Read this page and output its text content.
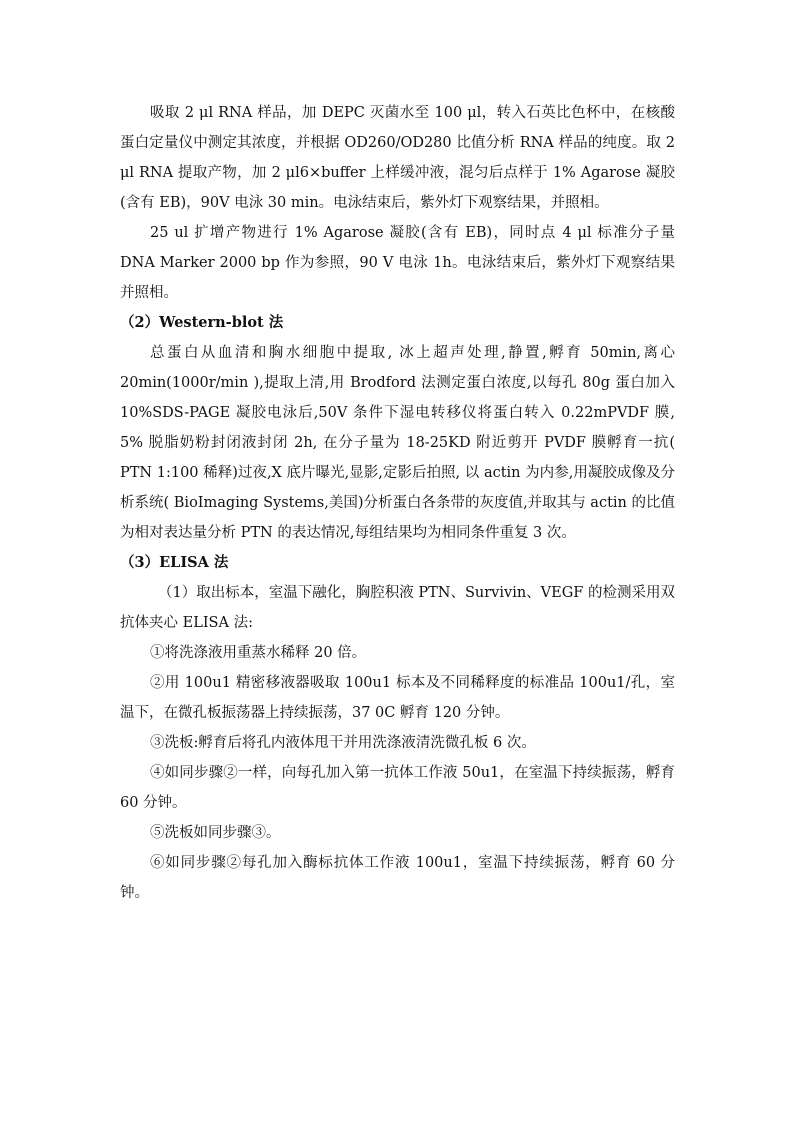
吸取 2 μl RNA 样品，加 DEPC 灭菌水至 100 μl，转入石英比色杯中，在核酸蛋白定量仪中测定其浓度，并根据 OD260/OD280 比值分析 RNA 样品的纯度。取 2 μl RNA 提取产物，加 2 μl6×buffer 上样缓冲液，混匀后点样于 1% Agarose 凝胶(含有 EB)，90V 电泳 30 min。电泳结束后，紫外灯下观察结果，并照相。

25 ul 扩增产物进行 1% Agarose 凝胶(含有 EB)，同时点 4 μl 标准分子量 DNA Marker 2000 bp 作为参照，90 V 电泳 1h。电泳结束后，紫外灯下观察结果并照相。

（2）Western-blot 法

总蛋白从血清和胸水细胞中提取, 冰上超声处理,静置,孵育 50min,离心 20min(1000r/min ),提取上清,用 Brodford 法测定蛋白浓度,以每孔 80g 蛋白加入 10%SDS-PAGE 凝胶电泳后,50V 条件下湿电转移仪将蛋白转入 0.22mPVDF 膜, 5% 脱脂奶粉封闭液封闭 2h, 在分子量为 18-25KD 附近剪开 PVDF 膜孵育一抗( PTN 1:100 稀释)过夜,X 底片曝光,显影,定影后拍照, 以 actin 为内参,用凝胶成像及分析系统( BioImaging Systems,美国)分析蛋白各条带的灰度值,并取其与 actin 的比值为相对表达量分析 PTN 的表达情况,每组结果均为相同条件重复 3 次。

（3）ELISA 法

（1）取出标本，室温下融化，胸腔积液 PTN、Survivin、VEGF 的检测采用双抗体夹心 ELISA 法:

①将洗涤液用重蒸水稀释 20 倍。

②用 100u1 精密移液器吸取 100u1 标本及不同稀释度的标准品 100u1/孔，室温下，在微孔板振荡器上持续振荡，37 0C 孵育 120 分钟。

③洗板:孵育后将孔内液体甩干并用洗涤液清洗微孔板 6 次。

④如同步骤②一样，向每孔加入第一抗体工作液 50u1，在室温下持续振荡，孵育 60 分钟。

⑤洗板如同步骤③。

⑥如同步骤②每孔加入酶标抗体工作液 100u1，室温下持续振荡，孵育 60 分钟。
